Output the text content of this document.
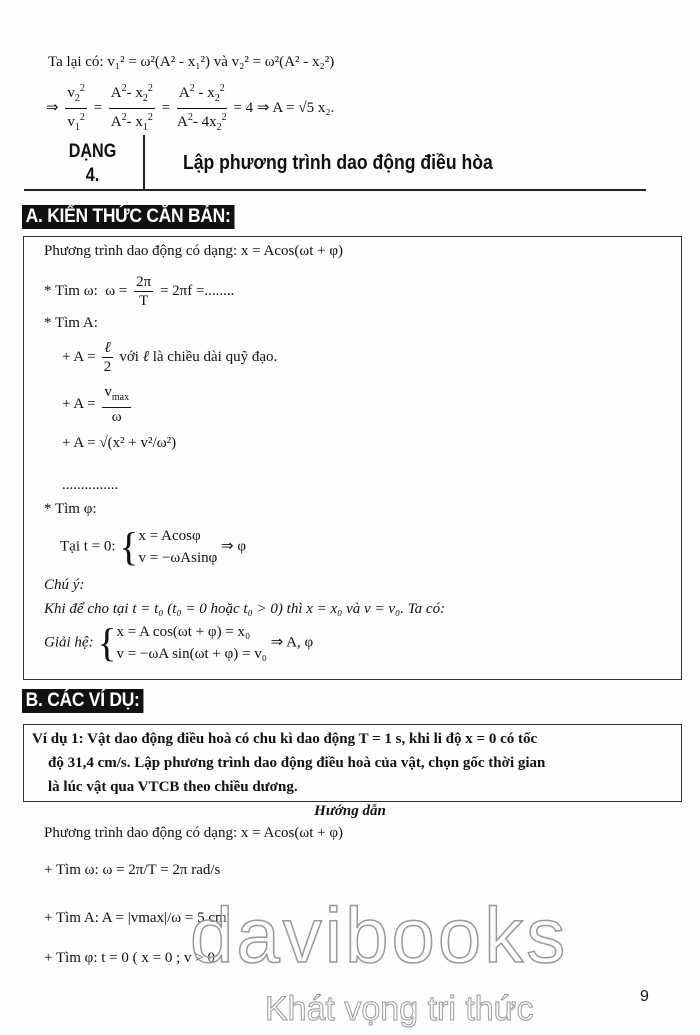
Ta lại có: v₁² = ω²(A² - x₁²) và v₂² = ω²(A² - x₂²)
⇒ $\frac{v_2^2}{v_1^2} = \frac{A^2- x_2^2}{A^2- x_1^2} = \frac{A^2 - x_2^2}{A^2- 4x_2^2} = 4$ ⇒ A = √5 x₂.
DẠNG
4.
Lập phương trình dao động điều hòa
A. KIẾN THỨC CĂN BẢN:
Phương trình dao động có dạng: x = Acos(ωt + φ)
* Tìm ω:  $\omega = \frac{2\pi}{T} = 2\pi f$ =........
* Tìm A:
+ $A = \frac{\text{ℓ}}{2}$ với ℓ là chiều dài quỹ đạo.
+ $A = \frac{v_{max}}{\omega}$
+ A = √(x² + v²/ω²)
...............
* Tìm φ:
Tại t = 0: { x = Acosφ
v = −ωAsinφ
⇒ φ
Chú ý:
Khi để cho tại t = t₀ (t₀ = 0 hoặc t₀ > 0) thì x = x₀ và v = v₀. Ta có:
Giải hệ: { x = A cos(ωt + φ) = x₀
v = −ωA sin(ωt + φ) = v₀
⇒ A, φ
B. CÁC VÍ DỤ:
Ví dụ 1: Vật dao động điều hoà có chu kì dao động T = 1 s, khi li độ x = 0 có tốc
độ 31,4 cm/s. Lập phương trình dao động điều hoà của vật, chọn gốc thời gian
là lúc vật qua VTCB theo chiều dương.
Hướng dẫn
Phương trình dao động có dạng: x = Acos(ωt + φ)
+ Tìm ω: ω = 2π/T = 2π rad/s
+ Tìm A: A = |vmax|/ω = 5 cm
+ Tìm φ: t = 0 ( x = 0 ; v > 0
davibooks
Khát vọng tri thức	9
